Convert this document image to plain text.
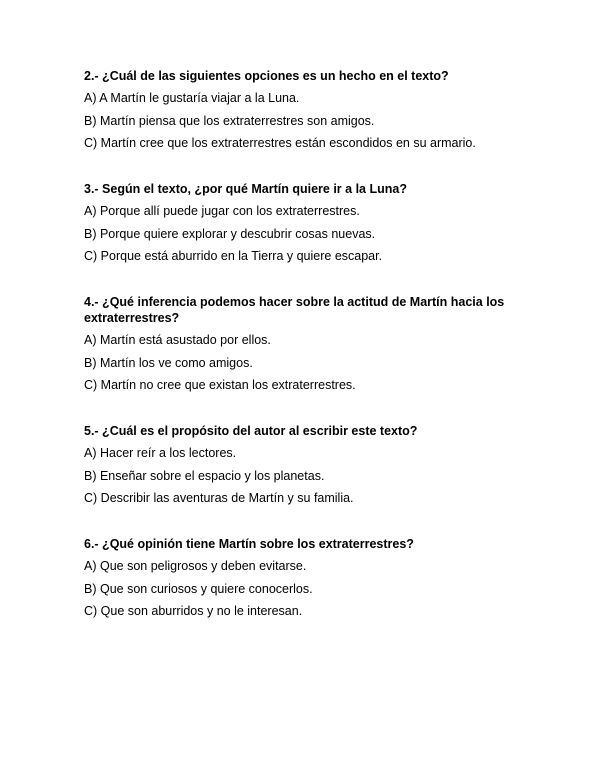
2.- ¿Cuál de las siguientes opciones es un hecho en el texto?
A) A Martín le gustaría viajar a la Luna.
B) Martín piensa que los extraterrestres son amigos.
C) Martín cree que los extraterrestres están escondidos en su armario.
3.- Según el texto, ¿por qué Martín quiere ir a la Luna?
A) Porque allí puede jugar con los extraterrestres.
B) Porque quiere explorar y descubrir cosas nuevas.
C) Porque está aburrido en la Tierra y quiere escapar.
4.- ¿Qué inferencia podemos hacer sobre la actitud de Martín hacia los extraterrestres?
A) Martín está asustado por ellos.
B) Martín los ve como amigos.
C) Martín no cree que existan los extraterrestres.
5.- ¿Cuál es el propósito del autor al escribir este texto?
A) Hacer reír a los lectores.
B) Enseñar sobre el espacio y los planetas.
C) Describir las aventuras de Martín y su familia.
6.- ¿Qué opinión tiene Martín sobre los extraterrestres?
A) Que son peligrosos y deben evitarse.
B) Que son curiosos y quiere conocerlos.
C) Que son aburridos y no le interesan.
